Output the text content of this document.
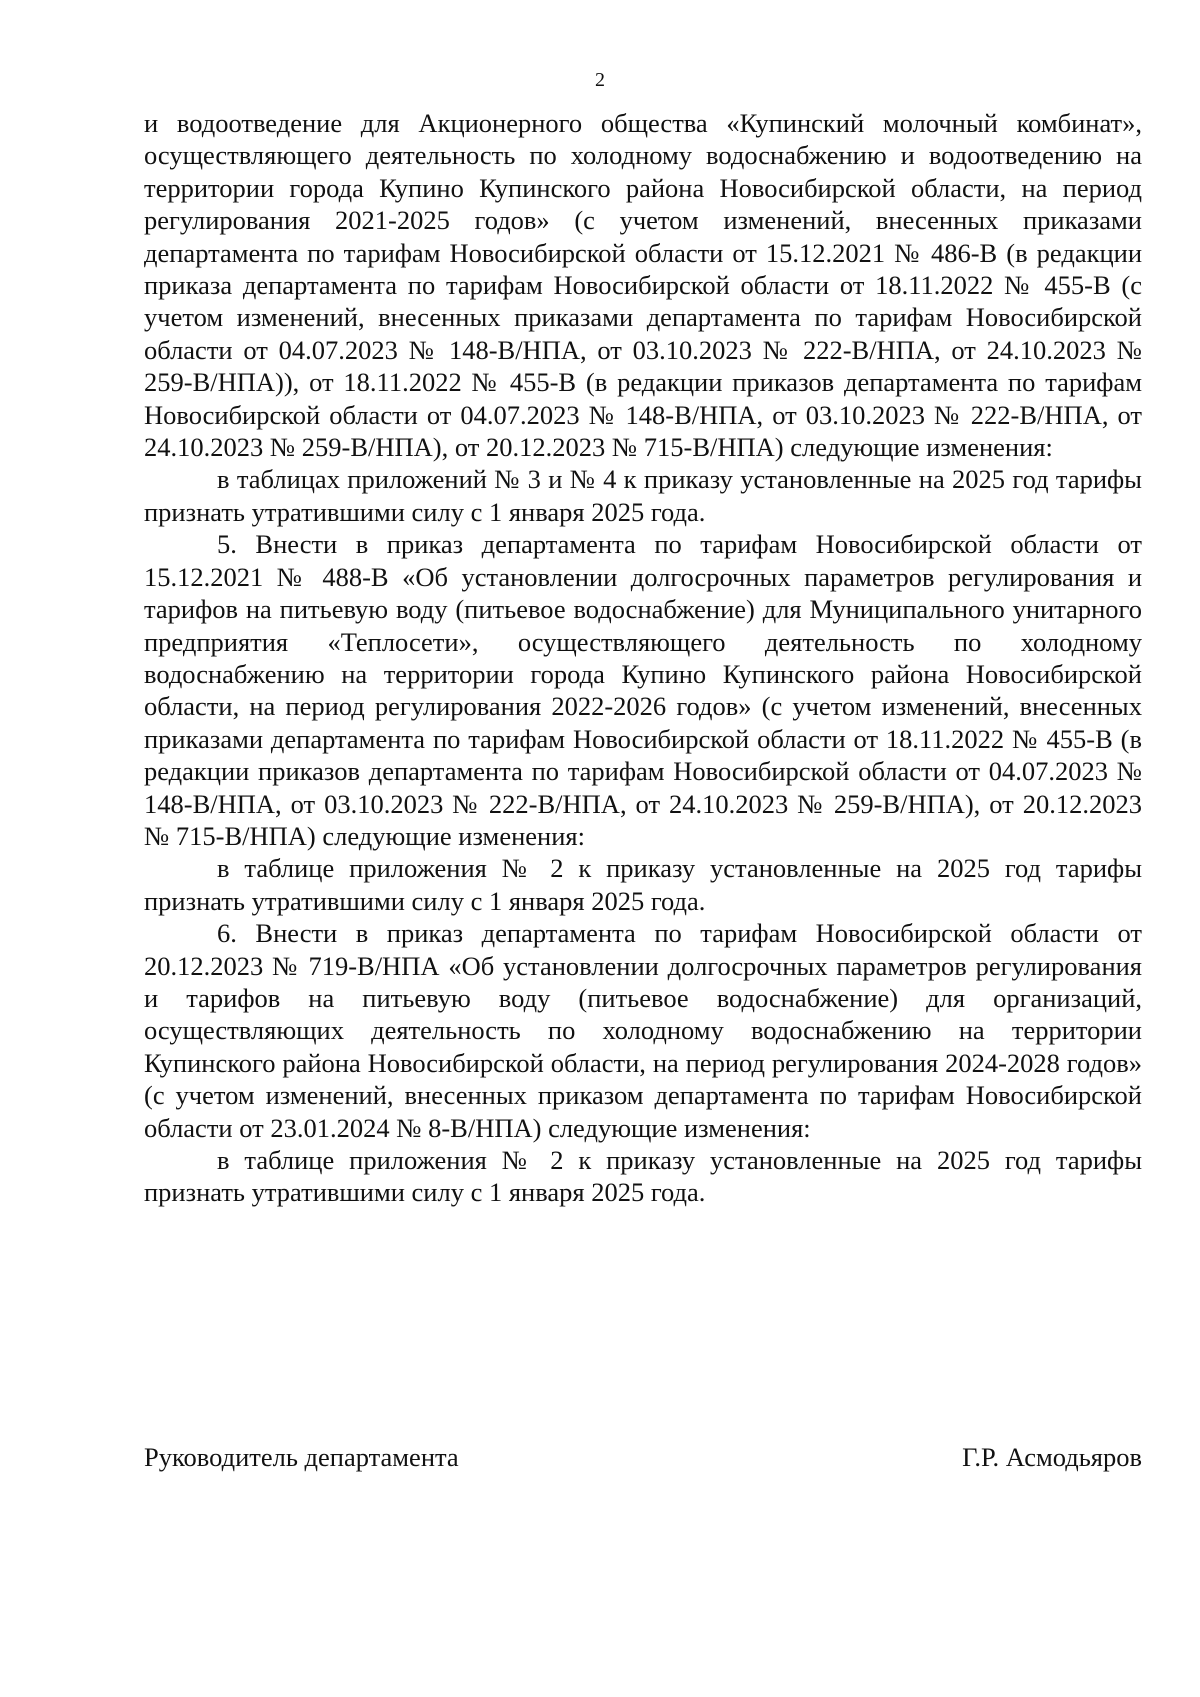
2

и водоотведение для Акционерного общества «Купинский молочный комбинат», осуществляющего деятельность по холодному водоснабжению и водоотведению на территории города Купино Купинского района Новосибирской области, на период регулирования 2021-2025 годов» (с учетом изменений, внесенных приказами департамента по тарифам Новосибирской области от 15.12.2021 № 486-В (в редакции приказа департамента по тарифам Новосибирской области от 18.11.2022 № 455-В (с учетом изменений, внесенных приказами департамента по тарифам Новосибирской области от 04.07.2023 № 148-В/НПА, от 03.10.2023 № 222-В/НПА, от 24.10.2023 № 259-В/НПА)), от 18.11.2022 № 455-В (в редакции приказов департамента по тарифам Новосибирской области от 04.07.2023 № 148-В/НПА, от 03.10.2023 № 222-В/НПА, от 24.10.2023 № 259-В/НПА), от 20.12.2023 № 715-В/НПА) следующие изменения:

в таблицах приложений № 3 и № 4 к приказу установленные на 2025 год тарифы признать утратившими силу с 1 января 2025 года.

5. Внести в приказ департамента по тарифам Новосибирской области от 15.12.2021 № 488-В «Об установлении долгосрочных параметров регулирования и тарифов на питьевую воду (питьевое водоснабжение) для Муниципального унитарного предприятия «Теплосети», осуществляющего деятельность по холодному водоснабжению на территории города Купино Купинского района Новосибирской области, на период регулирования 2022-2026 годов» (с учетом изменений, внесенных приказами департамента по тарифам Новосибирской области от 18.11.2022 № 455-В (в редакции приказов департамента по тарифам Новосибирской области от 04.07.2023 № 148-В/НПА, от 03.10.2023 № 222-В/НПА, от 24.10.2023 № 259-В/НПА), от 20.12.2023 № 715-В/НПА) следующие изменения:

в таблице приложения № 2 к приказу установленные на 2025 год тарифы признать утратившими силу с 1 января 2025 года.

6. Внести в приказ департамента по тарифам Новосибирской области от 20.12.2023 № 719-В/НПА «Об установлении долгосрочных параметров регулирования и тарифов на питьевую воду (питьевое водоснабжение) для организаций, осуществляющих деятельность по холодному водоснабжению на территории Купинского района Новосибирской области, на период регулирования 2024-2028 годов» (с учетом изменений, внесенных приказом департамента по тарифам Новосибирской области от 23.01.2024 № 8-В/НПА) следующие изменения:

в таблице приложения № 2 к приказу установленные на 2025 год тарифы признать утратившими силу с 1 января 2025 года.

Руководитель департамента	Г.Р. Асмодьяров
